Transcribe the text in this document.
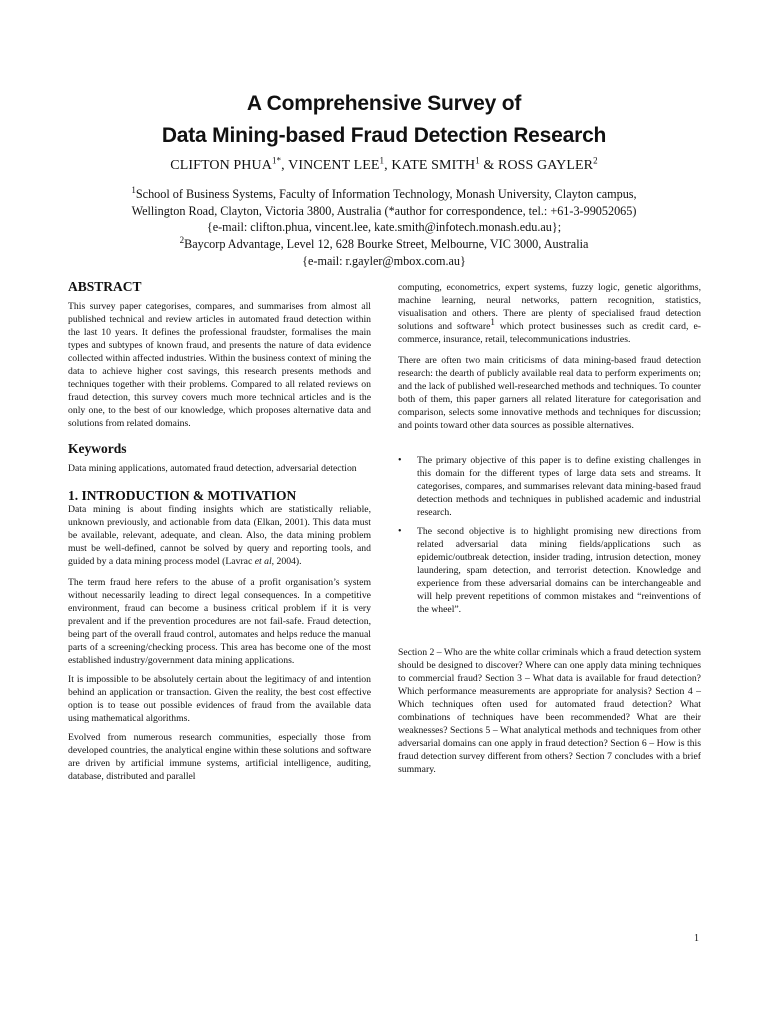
A Comprehensive Survey of
Data Mining-based Fraud Detection Research
CLIFTON $PHUA^{1*}$, VINCENT LEE$^1$, KATE SMITH$^1$ & ROSS GAYLER$^2$
$^1$School of Business Systems, Faculty of Information Technology, Monash University, Clayton campus,
Wellington Road, Clayton, Victoria 3800, Australia (*author for correspondence, tel.: +61-3-99052065)
{e-mail: clifton.phua, vincent.lee, kate.smith@infotech.monash.edu.au};
$^2$Baycorp Advantage, Level 12, 628 Bourke Street, Melbourne, VIC 3000, Australia
{e-mail: r.gayler@mbox.com.au}
ABSTRACT

This survey paper categorises, compares, and summarises from almost all published technical and review articles in automated fraud detection within the last 10 years. It defines the professional fraudster, formalises the main types and subtypes of known fraud, and presents the nature of data evidence collected within affected industries. Within the business context of mining the data to achieve higher cost savings, this research presents methods and techniques together with their problems. Compared to all related reviews on fraud detection, this survey covers much more technical articles and is the only one, to the best of our knowledge, which proposes alternative data and solutions from related domains.

Keywords

Data mining applications, automated fraud detection, adversarial detection

1. INTRODUCTION & MOTIVATION

Data mining is about finding insights which are statistically reliable, unknown previously, and actionable from data (Elkan, 2001). This data must be available, relevant, adequate, and clean. Also, the data mining problem must be well-defined, cannot be solved by query and reporting tools, and guided by a data mining process model (Lavrac et al, 2004).

The term fraud here refers to the abuse of a profit organisation’s system without necessarily leading to direct legal consequences. In a competitive environment, fraud can become a business critical problem if it is very prevalent and if the prevention procedures are not fail-safe. Fraud detection, being part of the overall fraud control, automates and helps reduce the manual parts of a screening/checking process. This area has become one of the most established industry/government data mining applications.

It is impossible to be absolutely certain about the legitimacy of and intention behind an application or transaction. Given the reality, the best cost effective option is to tease out possible evidences of fraud from the available data using mathematical algorithms.

Evolved from numerous research communities, especially those from developed countries, the analytical engine within these solutions and software are driven by artificial immune systems, artificial intelligence, auditing, database, distributed and parallel

computing, econometrics, expert systems, fuzzy logic, genetic algorithms, machine learning, neural networks, pattern recognition, statistics, visualisation and others. There are plenty of specialised fraud detection solutions and software$^1$ which protect businesses such as credit card, e-commerce, insurance, retail, telecommunications industries.

There are often two main criticisms of data mining-based fraud detection research: the dearth of publicly available real data to perform experiments on; and the lack of published well-researched methods and techniques. To counter both of them, this paper garners all related literature for categorisation and comparison, selects some innovative methods and techniques for discussion; and points toward other data sources as possible alternatives.

• The primary objective of this paper is to define existing challenges in this domain for the different types of large data sets and streams. It categorises, compares, and summarises relevant data mining-based fraud detection methods and techniques in published academic and industrial research.
• The second objective is to highlight promising new directions from related adversarial data mining fields/applications such as epidemic/outbreak detection, insider trading, intrusion detection, money laundering, spam detection, and terrorist detection. Knowledge and experience from these adversarial domains can be interchangeable and will help prevent repetitions of common mistakes and “reinventions of the wheel”.

Section 2 – Who are the white collar criminals which a fraud detection system should be designed to discover? Where can one apply data mining techniques to commercial fraud? Section 3 – What data is available for fraud detection? Which performance measurements are appropriate for analysis? Section 4 – Which techniques often used for automated fraud detection? What combinations of techniques have been recommended? What are their weaknesses? Sections 5 – What analytical methods and techniques from other adversarial domains can one apply in fraud detection? Section 6 – How is this fraud detection survey different from others? Section 7 concludes with a brief summary.

1
